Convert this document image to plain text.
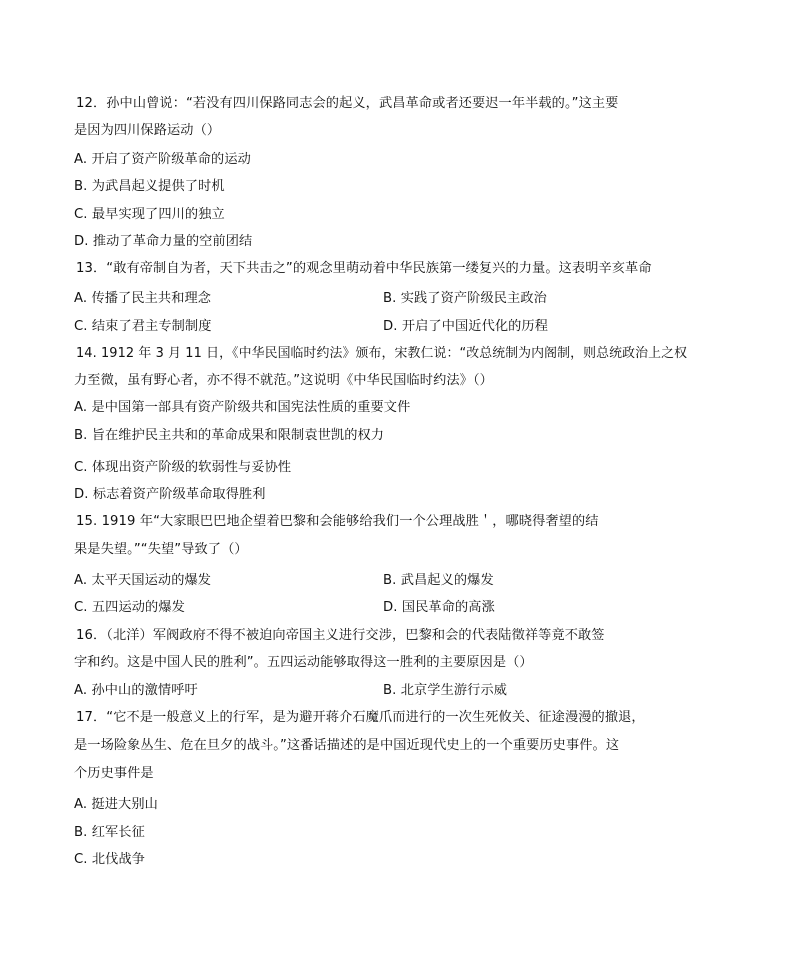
12．孙中山曾说：“若没有四川保路同志会的起义，武昌革命或者还要迟一年半载的。”这主要
是因为四川保路运动（）
A. 开启了资产阶级革命的运动
B. 为武昌起义提供了时机
C. 最早实现了四川的独立
D. 推动了革命力量的空前团结
13．“敢有帝制自为者，天下共击之”的观念里萌动着中华民族第一缕复兴的力量。这表明辛亥革命
A. 传播了民主共和理念	B. 实践了资产阶级民主政治
C. 结束了君主专制制度	D. 开启了中国近代化的历程
14. 1912 年 3 月 11 日，《中华民国临时约法》颁布，宋教仁说：“改总统制为内阁制，则总统政治上之权
力至微，虽有野心者，亦不得不就范。”这说明《中华民国临时约法》（）
A. 是中国第一部具有资产阶级共和国宪法性质的重要文件
B. 旨在维护民主共和的革命成果和限制袁世凯的权力
C. 体现出资产阶级的软弱性与妥协性
D. 标志着资产阶级革命取得胜利
15. 1919 年“大家眼巴巴地企望着巴黎和会能够给我们一个公理战胜＇，哪晓得奢望的结
果是失望。”“失望”导致了（）
A. 太平天国运动的爆发	B. 武昌起义的爆发
C. 五四运动的爆发	D. 国民革命的高涨
16．（北洋）军阀政府不得不被迫向帝国主义进行交涉，巴黎和会的代表陆徵祥等竟不敢签
字和约。这是中国人民的胜利”。五四运动能够取得这一胜利的主要原因是（）
A. 孙中山的激情呼吁	B. 北京学生游行示威
17．“它不是一般意义上的行军，是为避开蒋介石魔爪而进行的一次生死攸关、征途漫漫的撤退，
是一场险象丛生、危在旦夕的战斗。”这番话描述的是中国近现代史上的一个重要历史事件。这
个历史事件是
A. 挺进大别山
B. 红军长征
C. 北伐战争
